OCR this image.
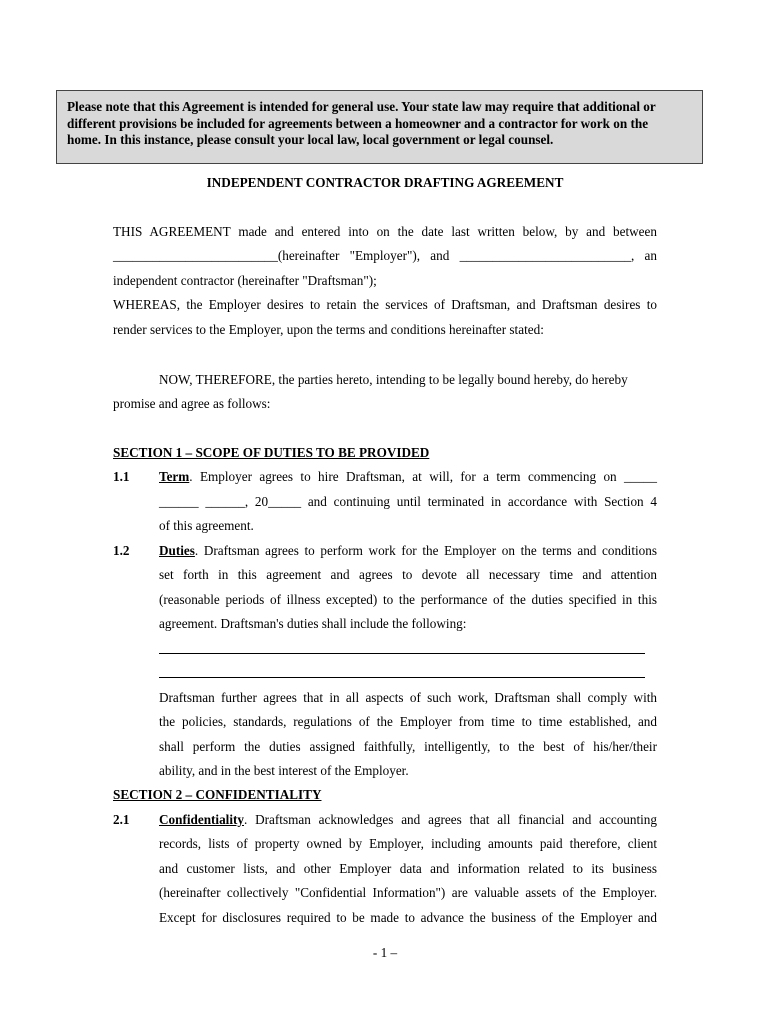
Please note that this Agreement is intended for general use. Your state law may require that additional or
different provisions be included for agreements between a homeowner and a contractor for work on the
home. In this instance, please consult your local law, local government or legal counsel.
INDEPENDENT CONTRACTOR DRAFTING AGREEMENT
THIS AGREEMENT made and entered into on the date last written below, by and between
_________________________(hereinafter "Employer"), and __________________________, an
independent contractor (hereinafter "Draftsman");
WHEREAS, the Employer desires to retain the services of Draftsman, and Draftsman desires to
render services to the Employer, upon the terms and conditions hereinafter stated:
NOW, THEREFORE, the parties hereto, intending to be legally bound hereby, do hereby
promise and agree as follows:
SECTION 1 – SCOPE OF DUTIES TO BE PROVIDED
1.1 Term. Employer agrees to hire Draftsman, at will, for a term commencing on _____
______ ______, 20_____ and continuing until terminated in accordance with Section 4
of this agreement.
1.2 Duties. Draftsman agrees to perform work for the Employer on the terms and conditions
set forth in this agreement and agrees to devote all necessary time and attention
(reasonable periods of illness excepted) to the performance of the duties specified in this
agreement. Draftsman's duties shall include the following:
Draftsman further agrees that in all aspects of such work, Draftsman shall comply with
the policies, standards, regulations of the Employer from time to time established, and
shall perform the duties assigned faithfully, intelligently, to the best of his/her/their
ability, and in the best interest of the Employer.
SECTION 2 – CONFIDENTIALITY
2.1 Confidentiality. Draftsman acknowledges and agrees that all financial and accounting
records, lists of property owned by Employer, including amounts paid therefore, client
and customer lists, and other Employer data and information related to its business
(hereinafter collectively "Confidential Information") are valuable assets of the Employer.
Except for disclosures required to be made to advance the business of the Employer and
- 1 –
